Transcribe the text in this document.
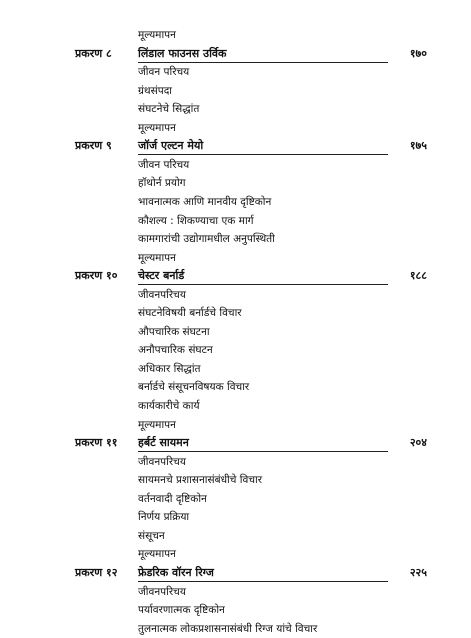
मूल्यमापन
प्रकरण ८ लिंडाल फाउनस उर्विक	१७०
जीवन परिचय
ग्रंथसंपदा
संघटनेचे सिद्धांत
मूल्यमापन
प्रकरण ९ जॉर्ज एल्टन मेयो	१७५
जीवन परिचय
हॉथोर्न प्रयोग
भावनात्मक आणि मानवीय दृष्टिकोन
कौशल्य : शिकण्याचा एक मार्ग
कामगारांची उद्योगामधील अनुपस्थिती
मूल्यमापन
प्रकरण १० चेस्टर बर्नार्ड	१८८
जीवनपरिचय
संघटनेविषयी बर्नार्डचे विचार
औपचारिक संघटना
अनौपचारिक संघटन
अधिकार सिद्धांत
बर्नार्डचे संसूचनविषयक विचार
कार्यकारीचे कार्य
मूल्यमापन
प्रकरण ११ हर्बर्ट सायमन	२०४
जीवनपरिचय
सायमनचे प्रशासनासंबंधीचे विचार
वर्तनवादी दृष्टिकोन
निर्णय प्रक्रिया
संसूचन
मूल्यमापन
प्रकरण १२ फ्रेडरिक वॉरन रिग्ज	२२५
जीवनपरिचय
पर्यावरणात्मक दृष्टिकोन
तुलनात्मक लोकप्रशासनासंबंधी रिग्ज यांचे विचार
